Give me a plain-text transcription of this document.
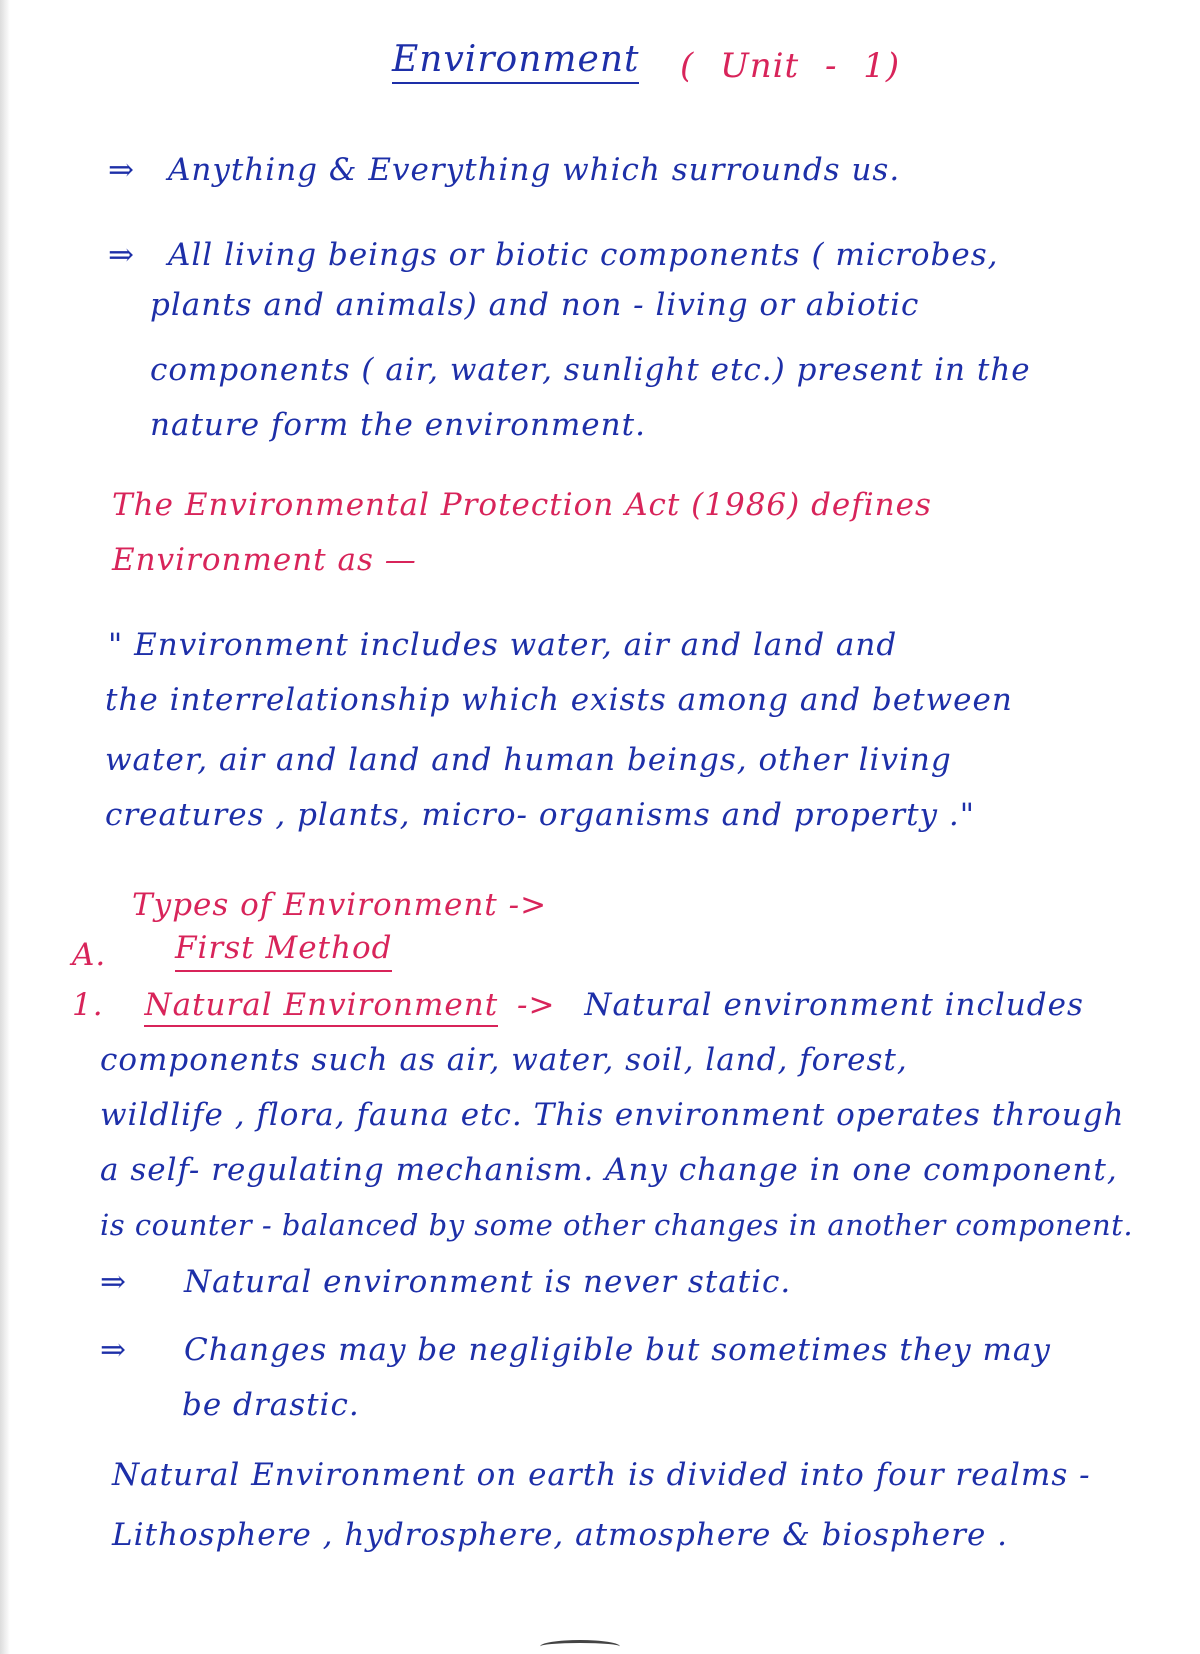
Environment ( Unit - 1)
⇒ Anything & Everything which surrounds us.
⇒ All living beings or biotic components ( microbes,
plants and animals) and non - living or abiotic
components ( air, water, sunlight etc.) present in the
nature form the environment.
The Environmental Protection Act (1986) defines
Environment as —
" Environment includes water, air and land and
the interrelationship which exists among and between
water, air and land and human beings, other living
creatures , plants, micro- organisms and property ."
Types of Environment ->
A. First Method
1. Natural Environment -> Natural environment includes
components such as air, water, soil, land, forest,
wildlife , flora, fauna etc. This environment operates through
a self- regulating mechanism. Any change in one component,
is counter - balanced by some other changes in another component.
⇒ Natural environment is never static.
⇒ Changes may be negligible but sometimes they may
be drastic.
Natural Environment on earth is divided into four realms -
Lithosphere , hydrosphere, atmosphere & biosphere .
